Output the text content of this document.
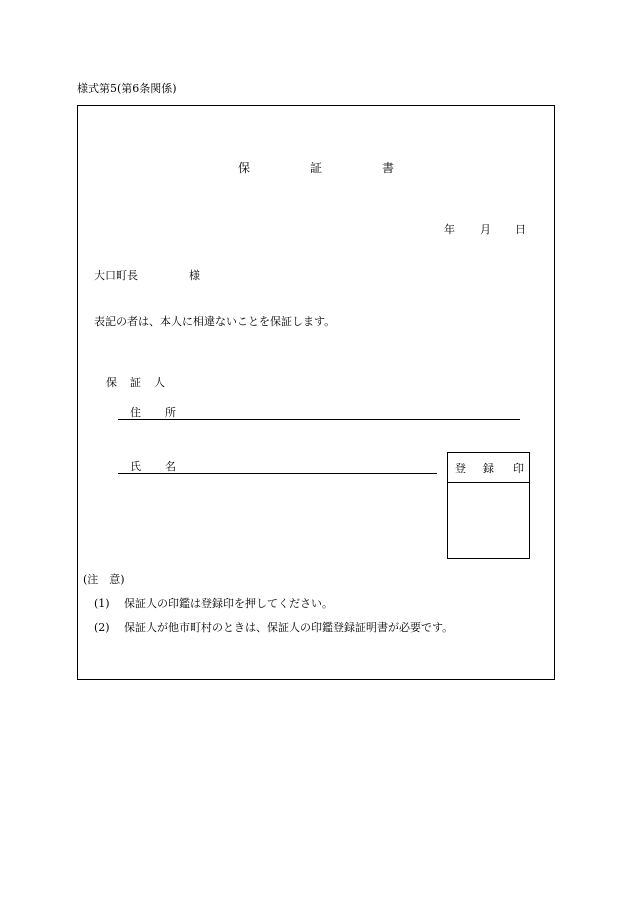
様式第5(第6条関係)
保	証	書
年 月 日
大口町長	様
表記の者は、本人に相違ないことを保証します。
保 証 人
住 所
氏 名	登 録 印
(注　意)
(1) 保証人の印鑑は登録印を押してください。
(2) 保証人が他市町村のときは、保証人の印鑑登録証明書が必要です。
